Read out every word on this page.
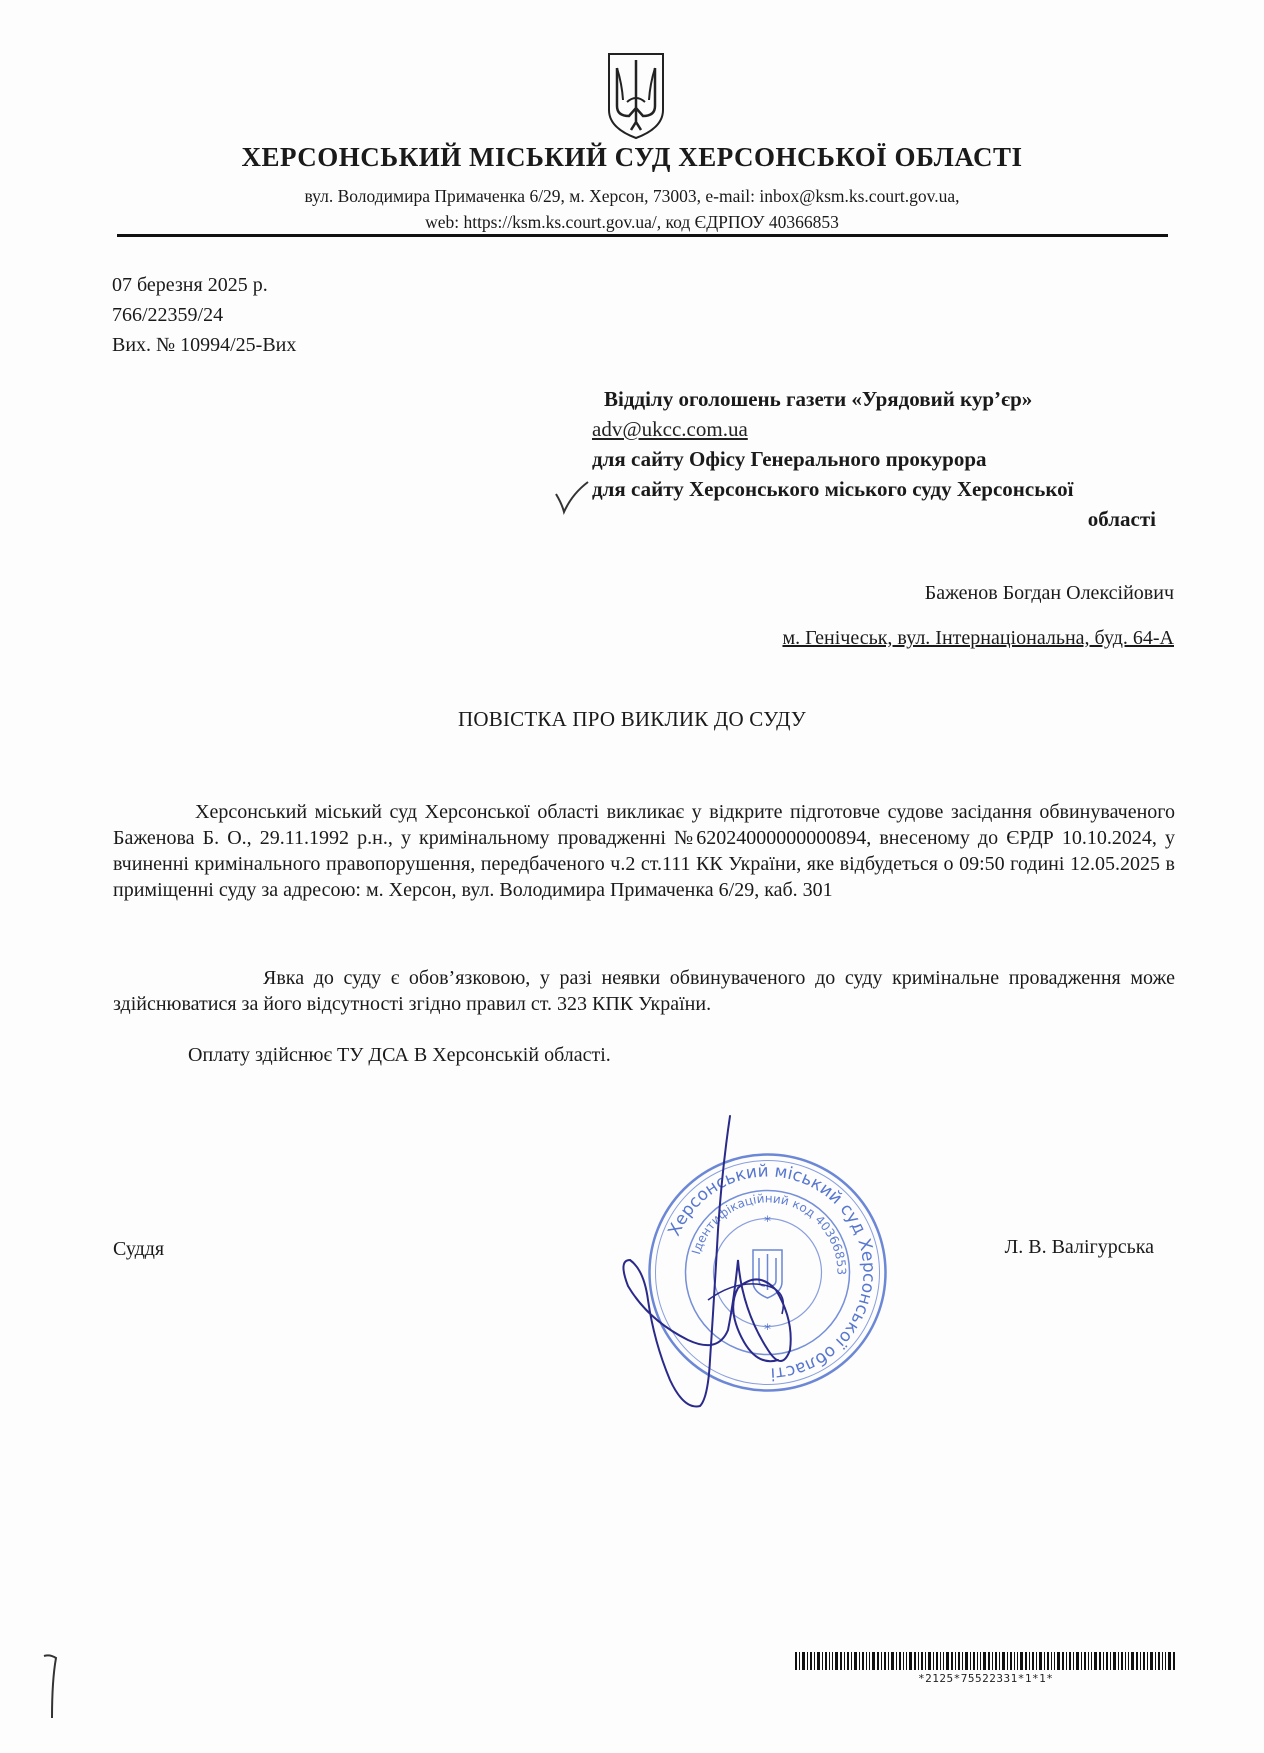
ХЕРСОНСЬКИЙ МІСЬКИЙ СУД ХЕРСОНСЬКОЇ ОБЛАСТІ
вул. Володимира Примаченка 6/29, м. Херсон, 73003, e-mail: inbox@ksm.ks.court.gov.ua,
web: https://ksm.ks.court.gov.ua/, код ЄДРПОУ 40366853
07 березня 2025 р.
766/22359/24
Вих. № 10994/25-Вих
Відділу оголошень газети «Урядовий кур’єр»
adv@ukcc.com.ua
для сайту Офісу Генерального прокурора
для сайту Херсонського міського суду Херсонської
області
Баженов Богдан Олексійович
м. Генічеськ, вул. Інтернаціональна, буд. 64-А
ПОВІСТКА ПРО ВИКЛИК ДО СУДУ
Херсонський міський суд Херсонської області викликає у відкрите підготовче судове засідання обвинуваченого Баженова Б. О., 29.11.1992 р.н., у кримінальному провадженні №62024000000000894, внесеному до ЄРДР 10.10.2024, у вчиненні кримінального правопорушення, передбаченого ч.2 ст.111 КК України, яке відбудеться о 09:50 годині 12.05.2025 в приміщенні суду за адресою: м. Херсон, вул. Володимира Примаченка 6/29, каб. 301
Явка до суду є обов’язковою, у разі неявки обвинуваченого до суду кримінальне провадження може здійснюватися за його відсутності згідно правил ст. 323 КПК України.
Оплату здійснює ТУ ДСА В Херсонській області.
Суддя	Л. В. Валігурська
Херсонський міський суд Херсонської області
Ідентифікаційний код 40366853
*
*
*2125*75522331*1*1*
